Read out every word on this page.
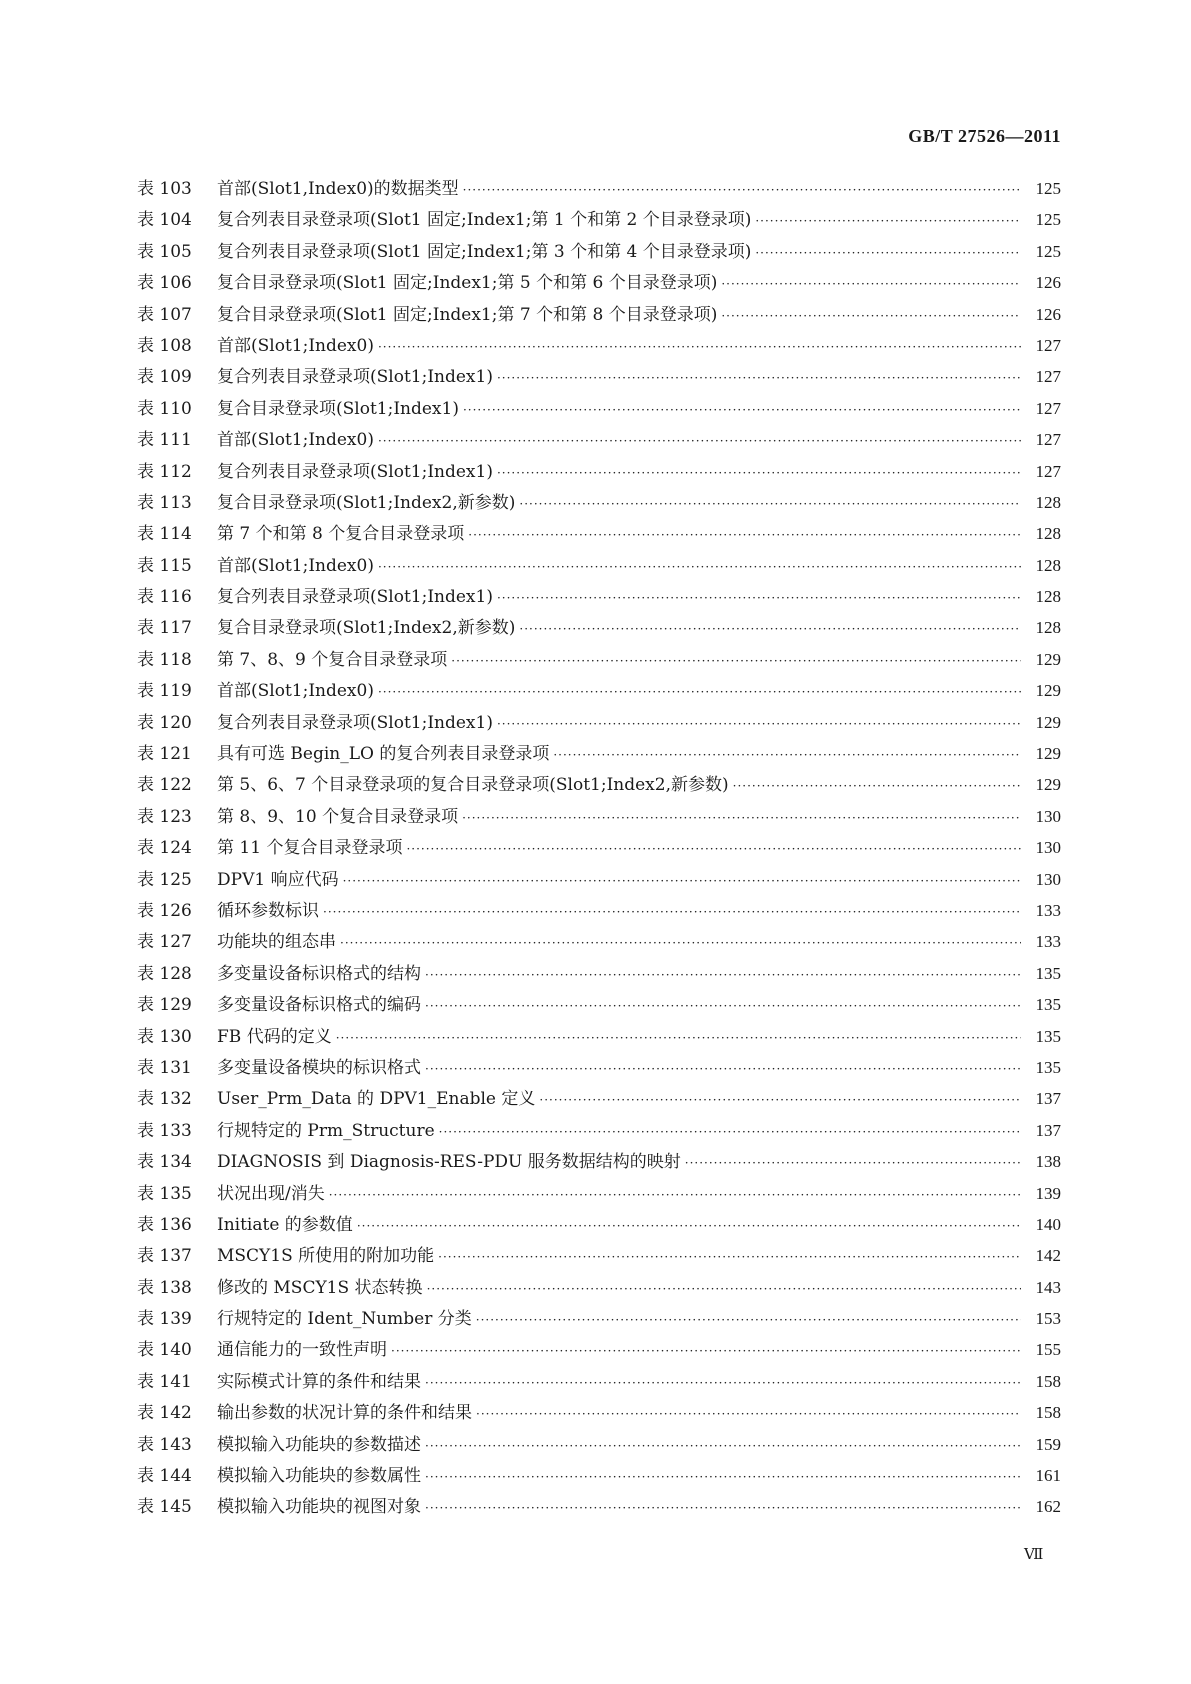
GB/T 27526—2011
表 103	首部(Slot1,Index0)的数据类型 ·····	125
表 104	复合列表目录登录项(Slot1 固定;Index1;第 1 个和第 2 个目录登录项) ·····	125
表 105	复合列表目录登录项(Slot1 固定;Index1;第 3 个和第 4 个目录登录项) ·····	125
表 106	复合目录登录项(Slot1 固定;Index1;第 5 个和第 6 个目录登录项) ·····	126
表 107	复合目录登录项(Slot1 固定;Index1;第 7 个和第 8 个目录登录项) ·····	126
表 108	首部(Slot1;Index0) ·····	127
表 109	复合列表目录登录项(Slot1;Index1) ·····	127
表 110	复合目录登录项(Slot1;Index1) ·····	127
表 111	首部(Slot1;Index0) ·····	127
表 112	复合列表目录登录项(Slot1;Index1) ·····	127
表 113	复合目录登录项(Slot1;Index2,新参数) ·····	128
表 114	第 7 个和第 8 个复合目录登录项 ·····	128
表 115	首部(Slot1;Index0) ·····	128
表 116	复合列表目录登录项(Slot1;Index1) ·····	128
表 117	复合目录登录项(Slot1;Index2,新参数) ·····	128
表 118	第 7、8、9 个复合目录登录项 ·····	129
表 119	首部(Slot1;Index0) ·····	129
表 120	复合列表目录登录项(Slot1;Index1) ·····	129
表 121	具有可选 Begin_LO 的复合列表目录登录项 ·····	129
表 122	第 5、6、7 个目录登录项的复合目录登录项(Slot1;Index2,新参数) ·····	129
表 123	第 8、9、10 个复合目录登录项 ·····	130
表 124	第 11 个复合目录登录项 ·····	130
表 125	DPV1 响应代码 ·····	130
表 126	循环参数标识 ·····	133
表 127	功能块的组态串 ·····	133
表 128	多变量设备标识格式的结构 ·····	135
表 129	多变量设备标识格式的编码 ·····	135
表 130	FB 代码的定义 ·····	135
表 131	多变量设备模块的标识格式 ·····	135
表 132	User_Prm_Data 的 DPV1_Enable 定义 ·····	137
表 133	行规特定的 Prm_Structure ·····	137
表 134	DIAGNOSIS 到 Diagnosis-RES-PDU 服务数据结构的映射 ·····	138
表 135	状况出现/消失 ·····	139
表 136	Initiate 的参数值 ·····	140
表 137	MSCY1S 所使用的附加功能 ·····	142
表 138	修改的 MSCY1S 状态转换 ·····	143
表 139	行规特定的 Ident_Number 分类 ·····	153
表 140	通信能力的一致性声明 ·····	155
表 141	实际模式计算的条件和结果 ·····	158
表 142	输出参数的状况计算的条件和结果 ·····	158
表 143	模拟输入功能块的参数描述 ·····	159
表 144	模拟输入功能块的参数属性 ·····	161
表 145	模拟输入功能块的视图对象 ·····	162
Ⅶ
